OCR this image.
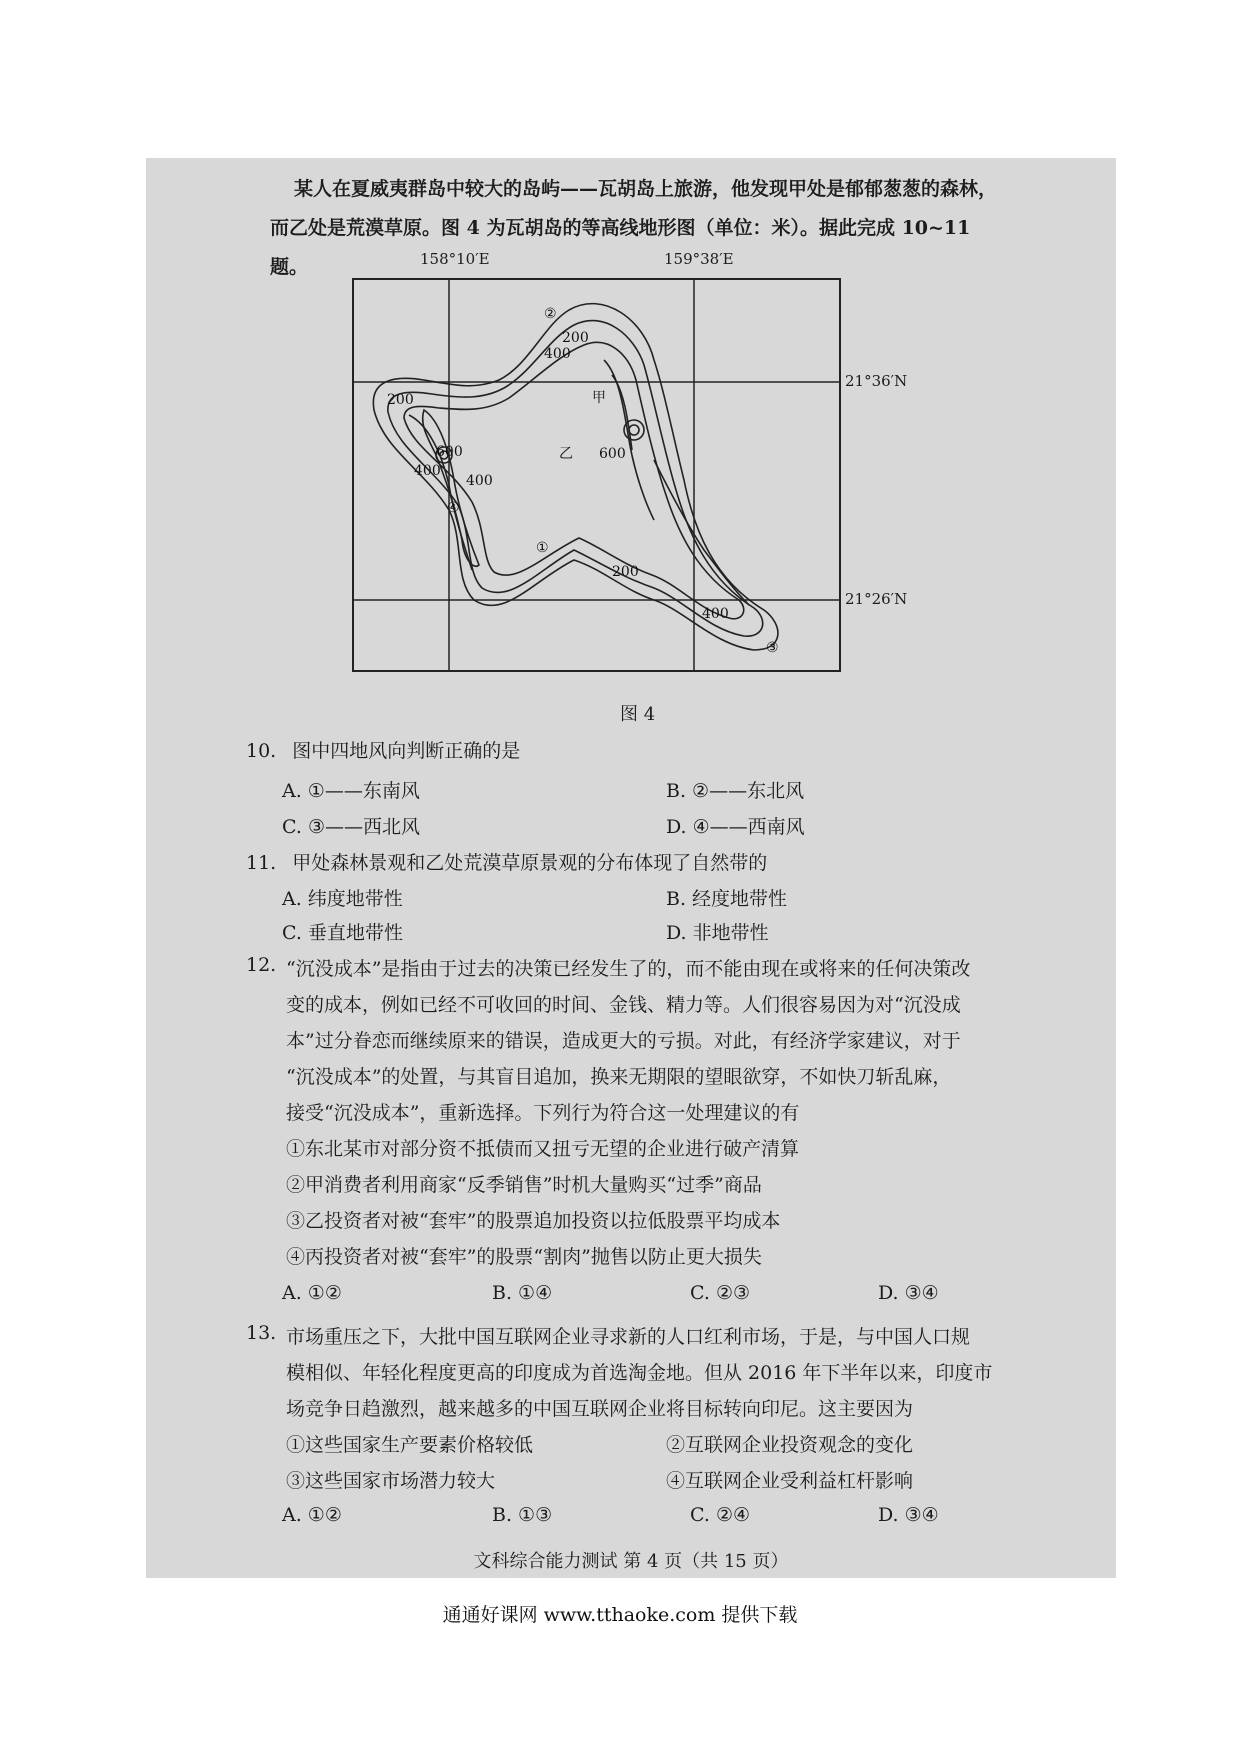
某人在夏威夷群岛中较大的岛屿——瓦胡岛上旅游，他发现甲处是郁郁葱葱的森林，而乙处是荒漠草原。图 4 为瓦胡岛的等高线地形图（单位：米）。据此完成 10~11 题。

②
200
400
甲
600
乙
200
600
400
400
④
①
200
400
③
158°10′E	159°38′E
21°36′N
21°26′N
图 4
10. 图中四地风向判断正确的是
A. ①——东南风	B. ②——东北风
C. ③——西北风	D. ④——西南风
11. 甲处森林景观和乙处荒漠草原景观的分布体现了自然带的
A. 纬度地带性	B. 经度地带性
C. 垂直地带性	D. 非地带性
12. “沉没成本”是指由于过去的决策已经发生了的，而不能由现在或将来的任何决策改
变的成本，例如已经不可收回的时间、金钱、精力等。人们很容易因为对“沉没成
本”过分眷恋而继续原来的错误，造成更大的亏损。对此，有经济学家建议，对于
“沉没成本”的处置，与其盲目追加，换来无期限的望眼欲穿，不如快刀斩乱麻，
接受“沉没成本”，重新选择。下列行为符合这一处理建议的有
①东北某市对部分资不抵债而又扭亏无望的企业进行破产清算
②甲消费者利用商家“反季销售”时机大量购买“过季”商品
③乙投资者对被“套牢”的股票追加投资以拉低股票平均成本
④丙投资者对被“套牢”的股票“割肉”抛售以防止更大损失
A. ①②	B. ①④	C. ②③	D. ③④
13. 市场重压之下，大批中国互联网企业寻求新的人口红利市场，于是，与中国人口规
模相似、年轻化程度更高的印度成为首选淘金地。但从 2016 年下半年以来，印度市
场竞争日趋激烈，越来越多的中国互联网企业将目标转向印尼。这主要因为
①这些国家生产要素价格较低	②互联网企业投资观念的变化
③这些国家市场潜力较大	④互联网企业受利益杠杆影响
A. ①②	B. ①③	C. ②④	D. ③④
文科综合能力测试 第 4 页（共 15 页）
通通好课网 www.tthaoke.com 提供下载
